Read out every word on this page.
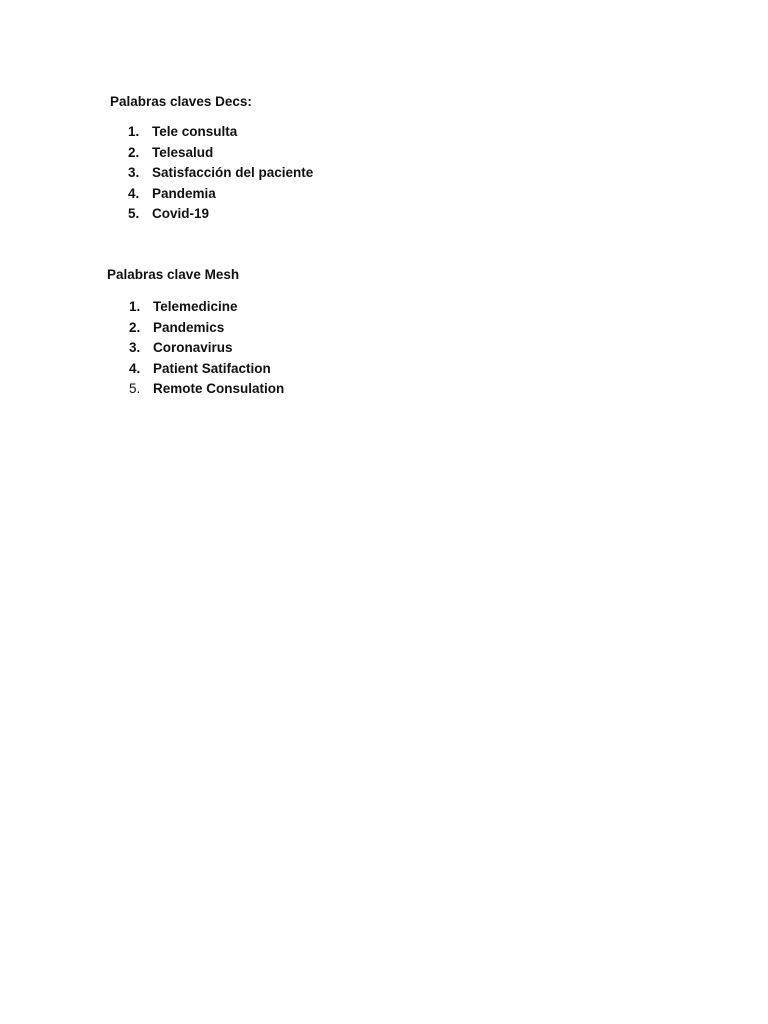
Palabras claves Decs:

1. Tele consulta
2. Telesalud
3. Satisfacción del paciente
4. Pandemia
5. Covid-19

Palabras clave Mesh

1. Telemedicine
2. Pandemics
3. Coronavirus
4. Patient Satifaction
5. Remote Consulation
